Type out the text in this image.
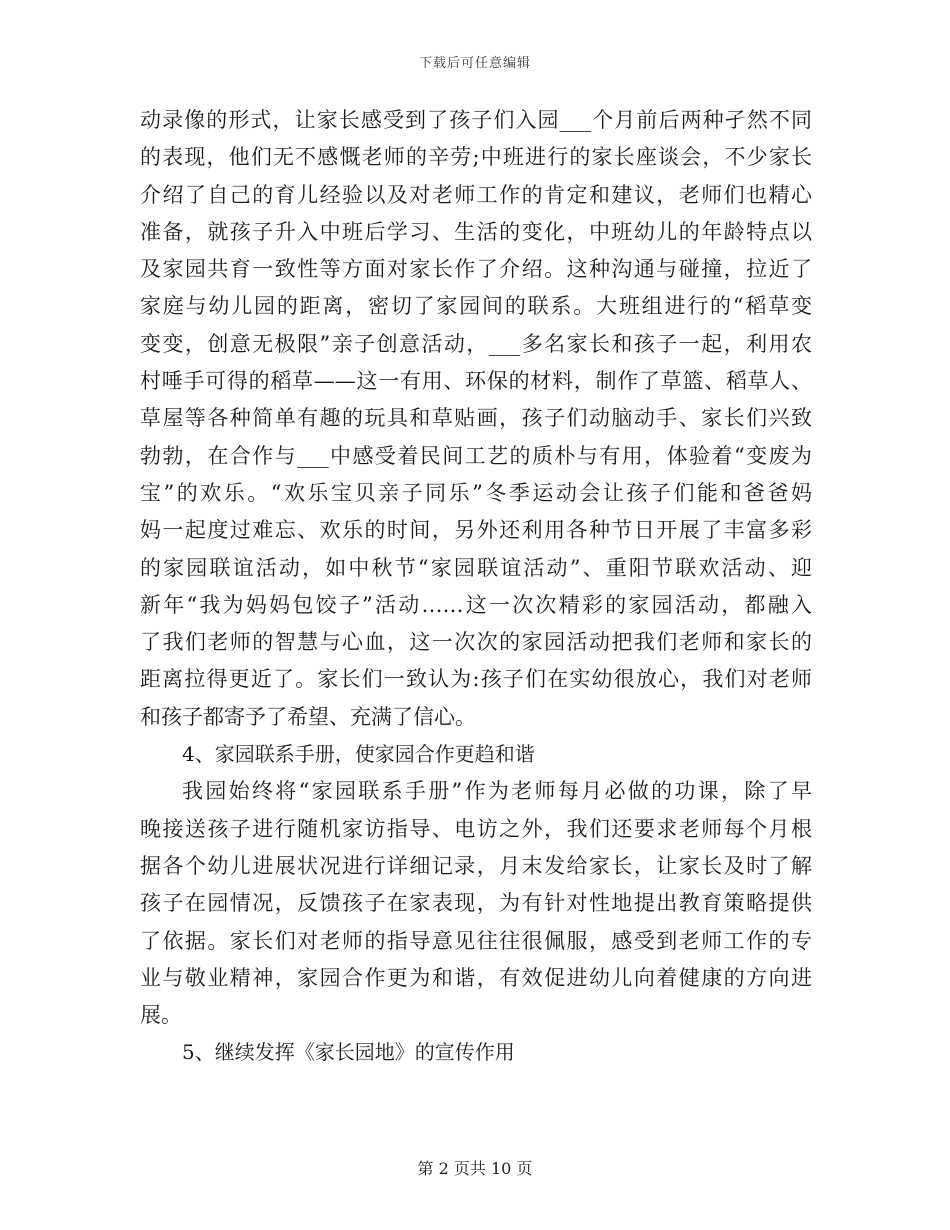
下载后可任意编辑
动录像的形式，让家长感受到了孩子们入园___个月前后两种孑然不同
的表现，他们无不感慨老师的辛劳;中班进行的家长座谈会，不少家长
介绍了自己的育儿经验以及对老师工作的肯定和建议，老师们也精心
准备，就孩子升入中班后学习、生活的变化，中班幼儿的年龄特点以
及家园共育一致性等方面对家长作了介绍。这种沟通与碰撞，拉近了
家庭与幼儿园的距离，密切了家园间的联系。大班组进行的“稻草变
变变，创意无极限”亲子创意活动，___多名家长和孩子一起，利用农
村唾手可得的稻草——这一有用、环保的材料，制作了草篮、稻草人、
草屋等各种简单有趣的玩具和草贴画，孩子们动脑动手、家长们兴致
勃勃，在合作与___中感受着民间工艺的质朴与有用，体验着“变废为
宝”的欢乐。“欢乐宝贝亲子同乐”冬季运动会让孩子们能和爸爸妈
妈一起度过难忘、欢乐的时间，另外还利用各种节日开展了丰富多彩
的家园联谊活动，如中秋节“家园联谊活动”、重阳节联欢活动、迎
新年“我为妈妈包饺子”活动……这一次次精彩的家园活动，都融入
了我们老师的智慧与心血，这一次次的家园活动把我们老师和家长的
距离拉得更近了。家长们一致认为:孩子们在实幼很放心，我们对老师
和孩子都寄予了希望、充满了信心。
4、家园联系手册，使家园合作更趋和谐
我园始终将“家园联系手册”作为老师每月必做的功课，除了早
晚接送孩子进行随机家访指导、电访之外，我们还要求老师每个月根
据各个幼儿进展状况进行详细记录，月末发给家长，让家长及时了解
孩子在园情况，反馈孩子在家表现，为有针对性地提出教育策略提供
了依据。家长们对老师的指导意见往往很佩服，感受到老师工作的专
业与敬业精神，家园合作更为和谐，有效促进幼儿向着健康的方向进
展。
5、继续发挥《家长园地》的宣传作用
第 2 页共 10 页
